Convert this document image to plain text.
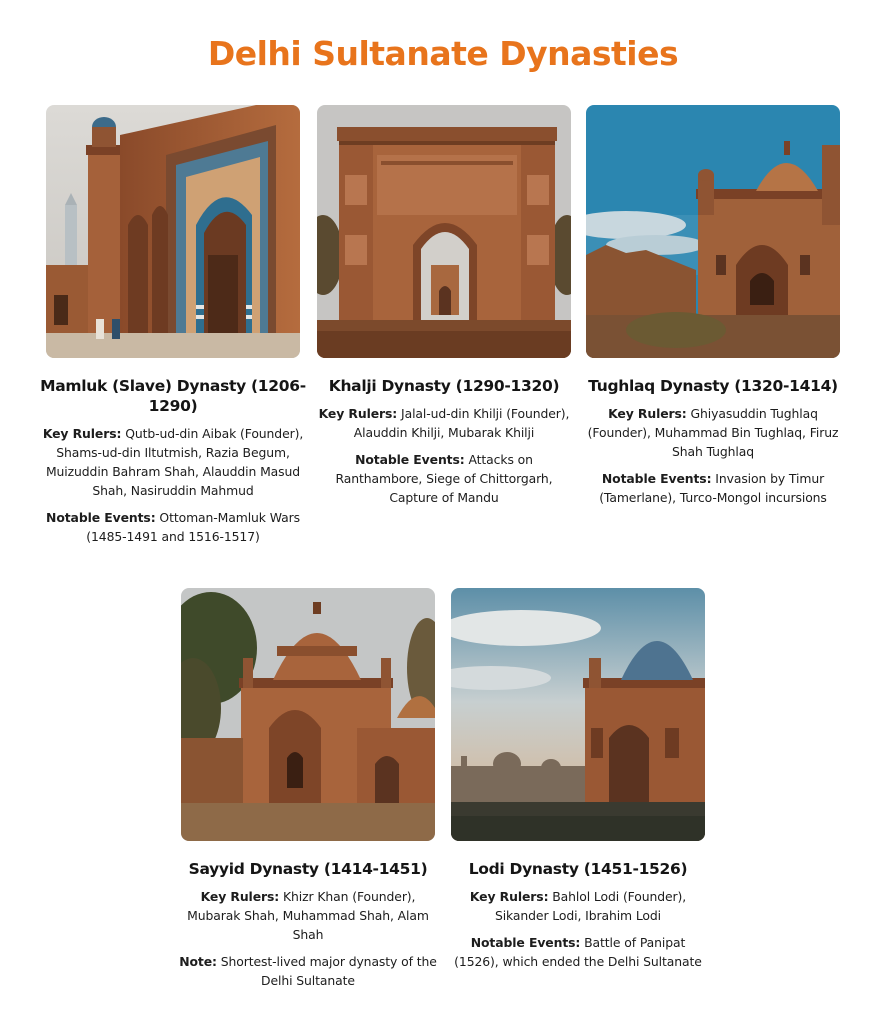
Delhi Sultanate Dynasties
Mamluk (Slave) Dynasty (1206-1290)

Key Rulers: Qutb-ud-din Aibak (Founder), Shams-ud-din Iltutmish, Razia Begum, Muizuddin Bahram Shah, Alauddin Masud Shah, Nasiruddin Mahmud

Notable Events: Ottoman-Mamluk Wars (1485-1491 and 1516-1517)

Khalji Dynasty (1290-1320)

Key Rulers: Jalal-ud-din Khilji (Founder), Alauddin Khilji, Mubarak Khilji

Notable Events: Attacks on Ranthambore, Siege of Chittorgarh, Capture of Mandu

Tughlaq Dynasty (1320-1414)

Key Rulers: Ghiyasuddin Tughlaq (Founder), Muhammad Bin Tughlaq, Firuz Shah Tughlaq

Notable Events: Invasion by Timur (Tamerlane), Turco-Mongol incursions

Sayyid Dynasty (1414-1451)

Key Rulers: Khizr Khan (Founder), Mubarak Shah, Muhammad Shah, Alam Shah

Note: Shortest-lived major dynasty of the Delhi Sultanate

Lodi Dynasty (1451-1526)

Key Rulers: Bahlol Lodi (Founder), Sikander Lodi, Ibrahim Lodi

Notable Events: Battle of Panipat (1526), which ended the Delhi Sultanate
